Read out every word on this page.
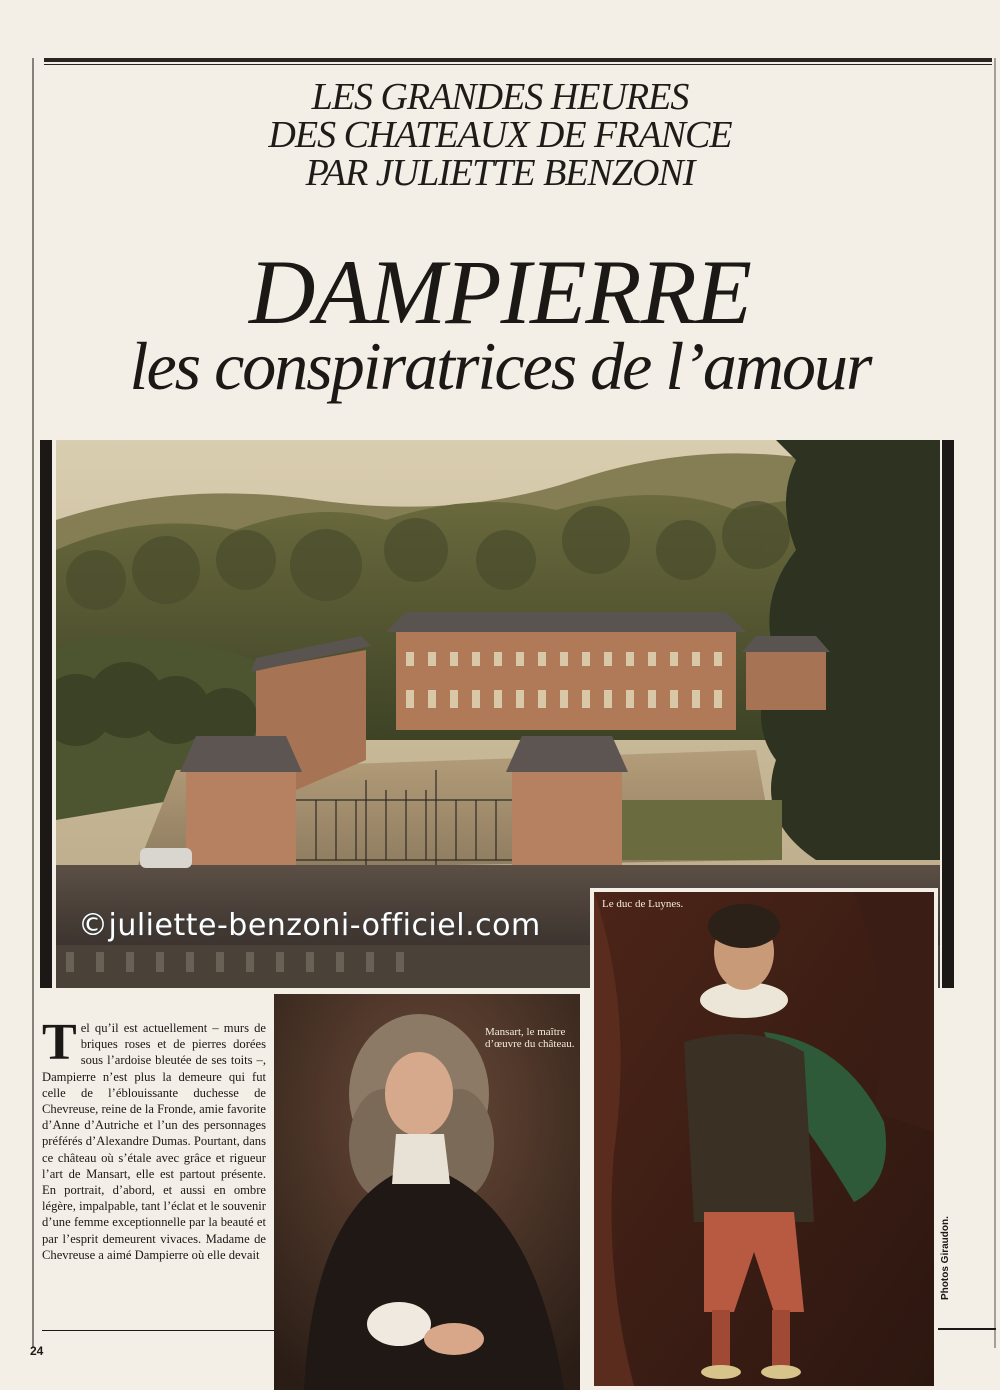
LES GRANDES HEURES
DES CHATEAUX DE FRANCE
PAR JULIETTE BENZONI
DAMPIERRE
les conspiratrices de l’amour
Mansart, le maître d’œuvre du château.
Le duc de Luynes.
©juliette-benzoni-officiel.com
Photos Giraudon.
Tel qu’il est actuellement – murs de briques roses et de pierres dorées sous l’ardoise bleutée de ses toits –, Dampierre n’est plus la demeure qui fut celle de l’éblouissante duchesse de Chevreuse, reine de la Fronde, amie favorite d’Anne d’Autriche et l’un des personnages préférés d’Alexandre Dumas. Pourtant, dans ce château où s’étale avec grâce et rigueur l’art de Mansart, elle est partout présente. En portrait, d’abord, et aussi en ombre légère, impalpable, tant l’éclat et le souvenir d’une femme exceptionnelle par la beauté et par l’esprit demeurent vivaces. Madame de Chevreuse a aimé Dampierre où elle devait
24
